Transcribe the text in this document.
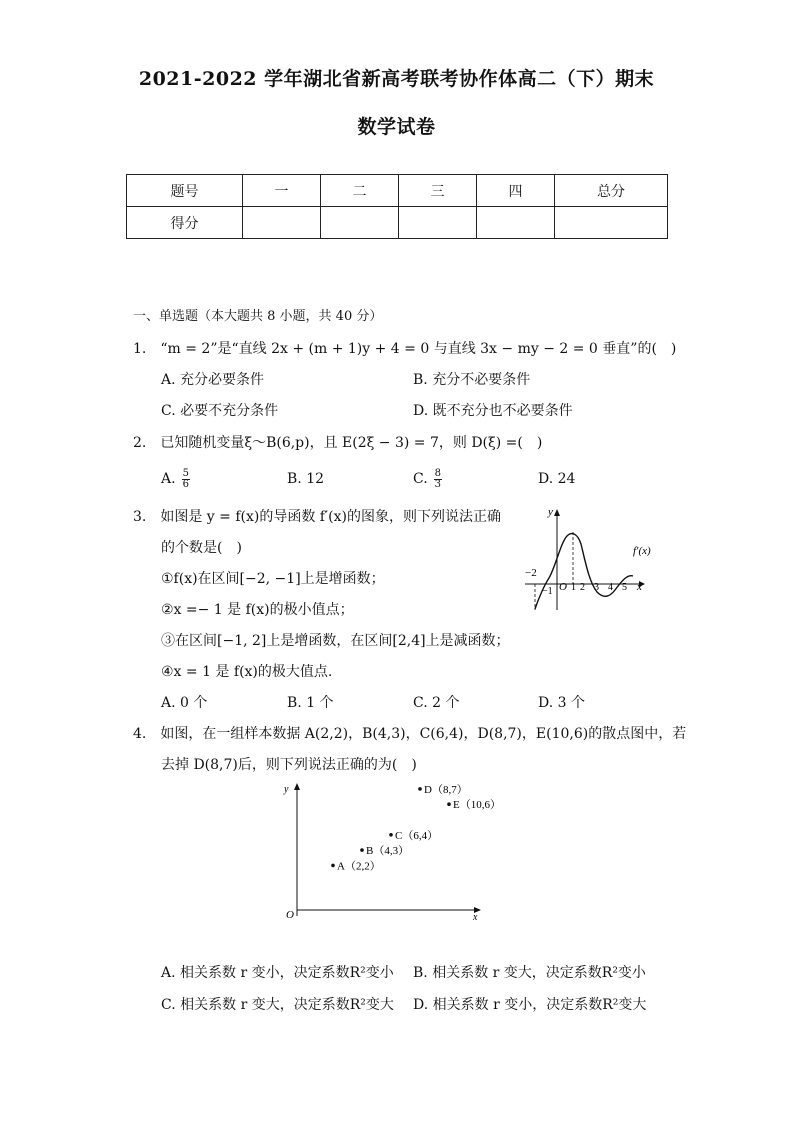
2021-2022 学年湖北省新高考联考协作体高二（下）期末
数学试卷
题号	一	二	三	四	总分
得分					
一、单选题（本大题共 8 小题，共 40 分）
1.　“m = 2”是“直线 2x + (m + 1)y + 4 = 0 与直线 3x − my − 2 = 0 垂直”的(　)
A. 充分必要条件	B. 充分不必要条件
C. 必要不充分条件	D. 既不充分也不必要条件
2.　已知随机变量ξ～B(6,p)，且 E(2ξ − 3) = 7，则 D(ξ) =(　)
A. $\frac{5}{6}$	B. 12	C. $\frac{8}{3}$	D. 24
3.　如图是 y = f(x)的导函数 f′(x)的图象，则下列说法正确
的个数是(　)
①f(x)在区间[−2, −1]上是增函数；
②x =− 1 是 f(x)的极小值点；
③在区间[−1, 2]上是增函数，在区间[2,4]上是减函数；
④x = 1 是 f(x)的极大值点.
A. 0 个	B. 1 个	C. 2 个	D. 3 个
−2
−1 O 1 2 3 4 5 x
y
f′(x)
4.　如图，在一组样本数据 A(2,2)，B(4,3)，C(6,4)，D(8,7)，E(10,6)的散点图中，若
去掉 D(8,7)后，则下列说法正确的为(　)
O	x
y
A（2,2）
B（4,3）
C（6,4）
D（8,7）
E（10,6）
A. 相关系数 r 变小，决定系数R²变小 B. 相关系数 r 变大，决定系数R²变小
C. 相关系数 r 变大，决定系数R²变大 D. 相关系数 r 变小，决定系数R²变大
